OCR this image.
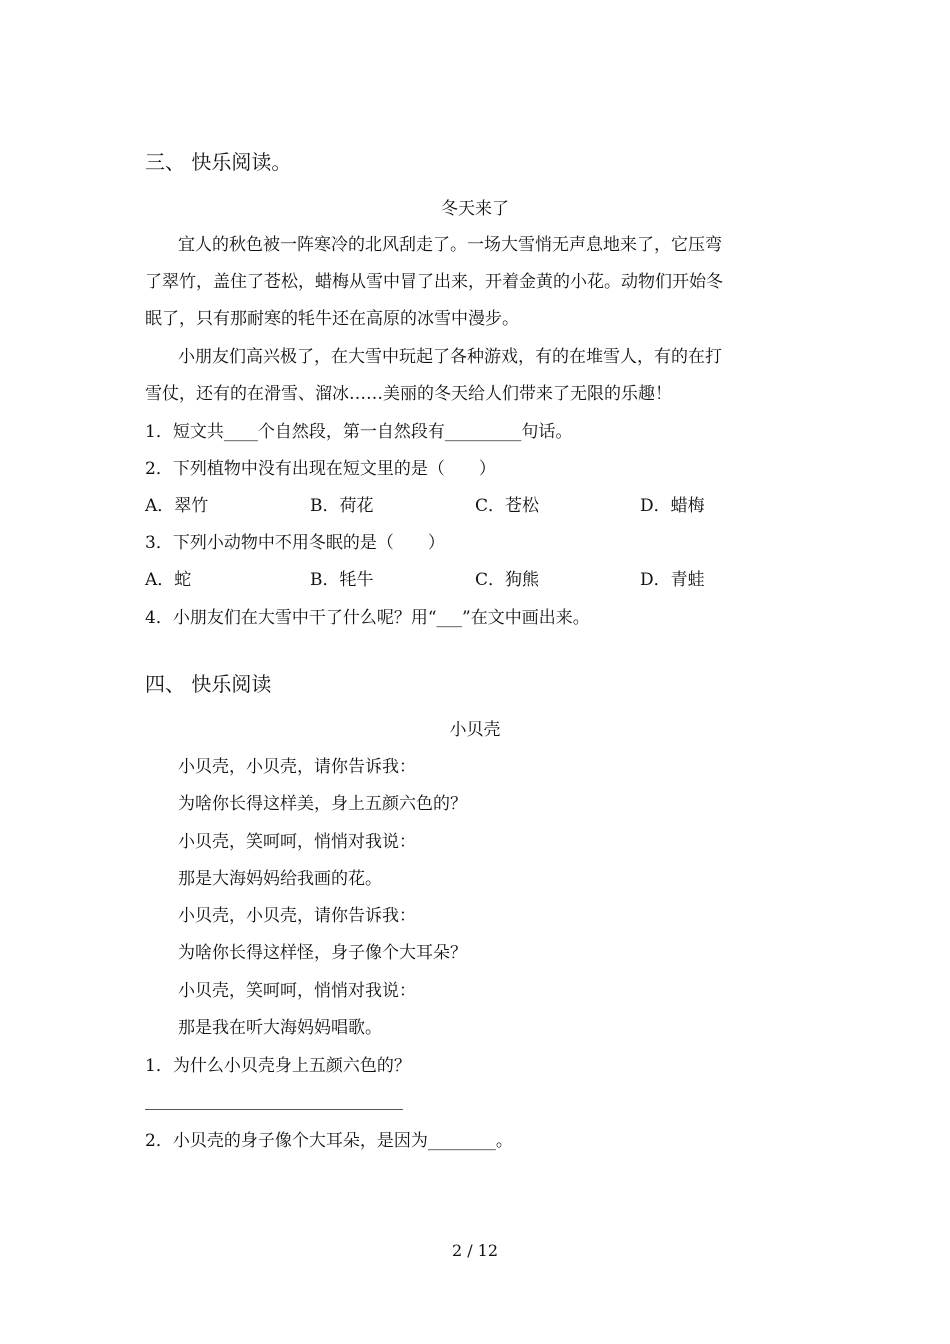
三、 快乐阅读。
冬天来了
宜人的秋色被一阵寒冷的北风刮走了。一场大雪悄无声息地来了，它压弯
了翠竹，盖住了苍松，蜡梅从雪中冒了出来，开着金黄的小花。动物们开始冬
眠了，只有那耐寒的牦牛还在高原的冰雪中漫步。
小朋友们高兴极了，在大雪中玩起了各种游戏，有的在堆雪人，有的在打
雪仗，还有的在滑雪、溜冰……美丽的冬天给人们带来了无限的乐趣！
1．短文共____个自然段，第一自然段有_________句话。
2．下列植物中没有出现在短文里的是（　　）
A．翠竹	B．荷花	C．苍松	D．蜡梅
3．下列小动物中不用冬眠的是（　　）
A．蛇	B．牦牛	C．狗熊	D．青蛙
4．小朋友们在大雪中干了什么呢？用“___”在文中画出来。
四、 快乐阅读
小贝壳
小贝壳，小贝壳，请你告诉我：
为啥你长得这样美，身上五颜六色的？
小贝壳，笑呵呵，悄悄对我说：
那是大海妈妈给我画的花。
小贝壳，小贝壳，请你告诉我：
为啥你长得这样怪，身子像个大耳朵？
小贝壳，笑呵呵，悄悄对我说：
那是我在听大海妈妈唱歌。
1．为什么小贝壳身上五颜六色的？
2．小贝壳的身子像个大耳朵，是因为________。
2 / 12
